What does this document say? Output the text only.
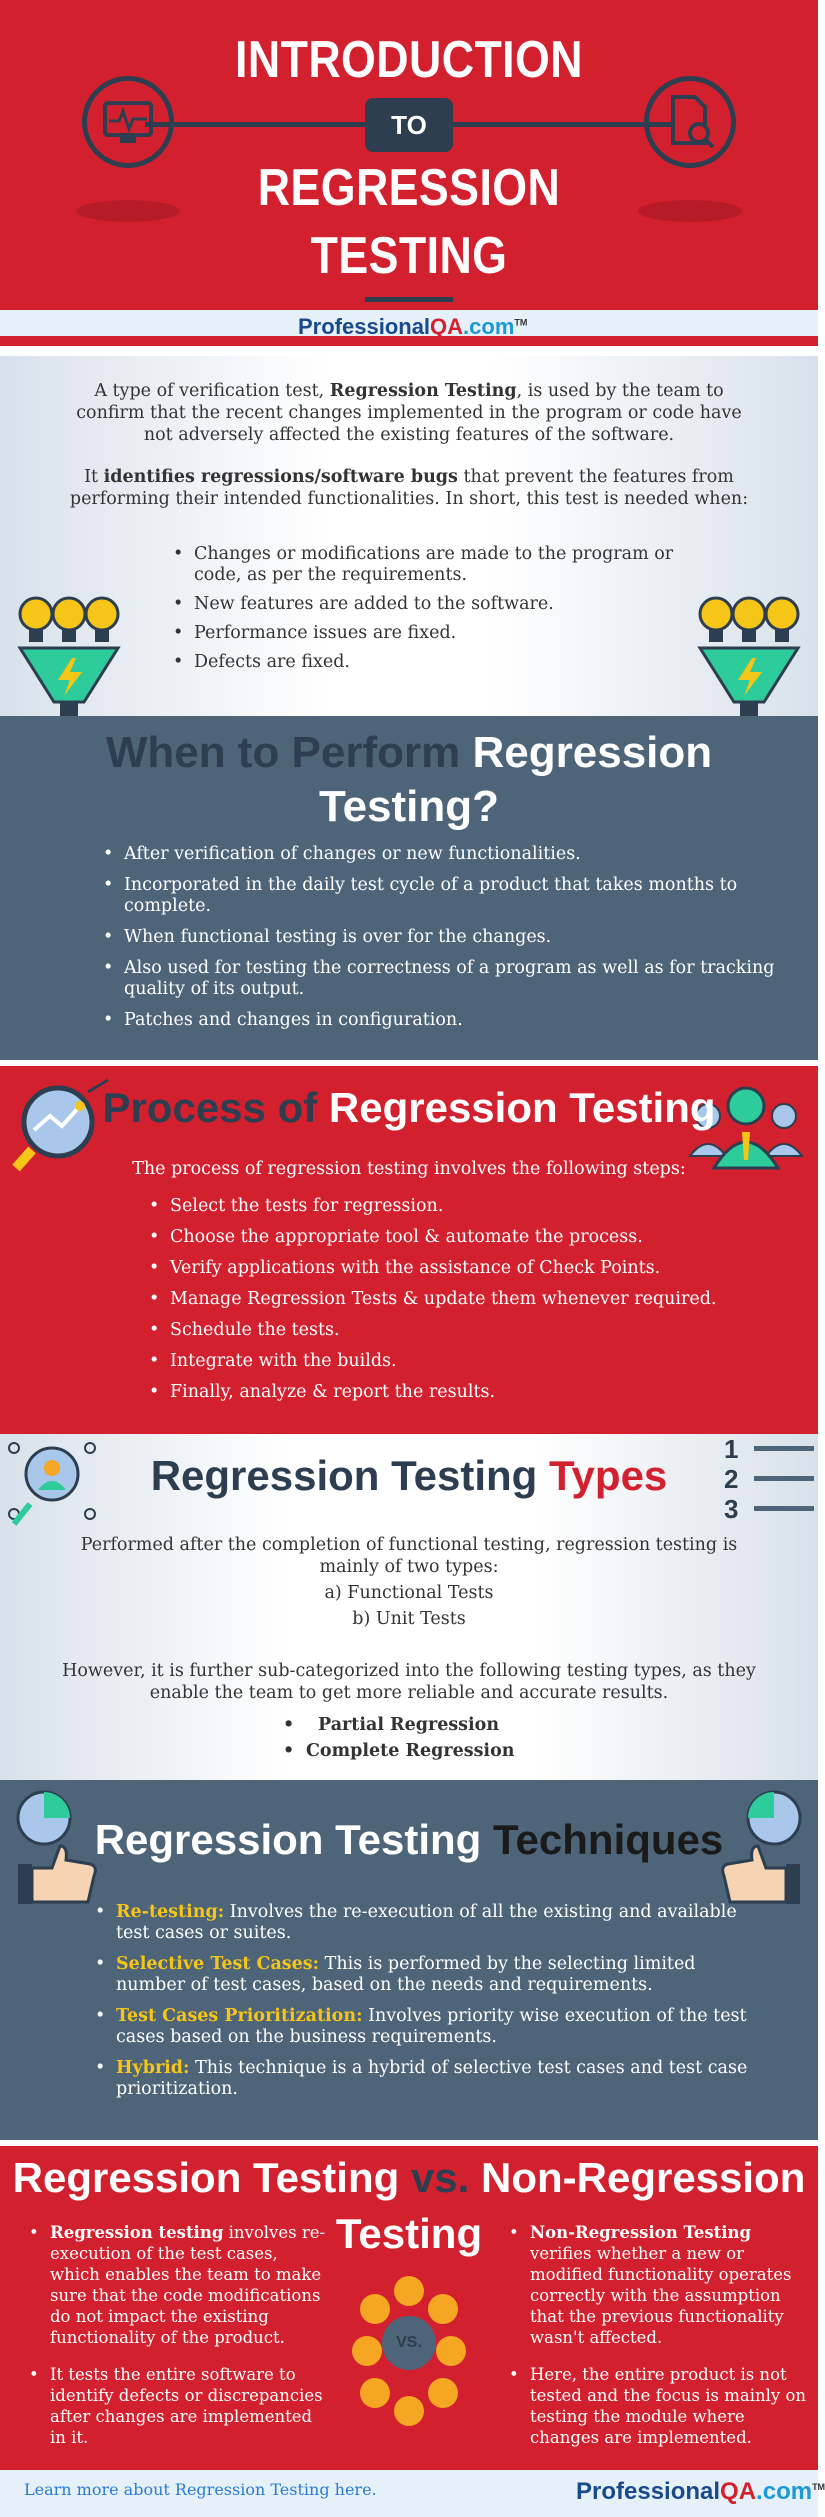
INTRODUCTION
TO
REGRESSION
TESTING
ProfessionalQA.com™

A type of verification test, Regression Testing, is used by the team to confirm that the recent changes implemented in the program or code have not adversely affected the existing features of the software.

It identifies regressions/software bugs that prevent the features from performing their intended functionalities. In short, this test is needed when:

• Changes or modifications are made to the program or code, as per the requirements.
• New features are added to the software.
• Performance issues are fixed.
• Defects are fixed.
When to Perform Regression
Testing?
• After verification of changes or new functionalities.
• Incorporated in the daily test cycle of a product that takes months to complete.
• When functional testing is over for the changes.
• Also used for testing the correctness of a program as well as for tracking quality of its output.
• Patches and changes in configuration.
Process of Regression Testing
The process of regression testing involves the following steps:
• Select the tests for regression.
• Choose the appropriate tool & automate the process.
• Verify applications with the assistance of Check Points.
• Manage Regression Tests & update them whenever required.
• Schedule the tests.
• Integrate with the builds.
• Finally, analyze & report the results.
1
2
3
Regression Testing Types
Performed after the completion of functional testing, regression testing is mainly of two types:
a) Functional Tests
b) Unit Tests
However, it is further sub-categorized into the following testing types, as they enable the team to get more reliable and accurate results.
• Partial Regression
• Complete Regression
Regression Testing Techniques
• Re-testing: Involves the re-execution of all the existing and available test cases or suites.
• Selective Test Cases: This is performed by the selecting limited number of test cases, based on the needs and requirements.
• Test Cases Prioritization: Involves priority wise execution of the test cases based on the business requirements.
• Hybrid: This technique is a hybrid of selective test cases and test case prioritization.
Regression Testing vs. Non-Regression
Testing
• Regression testing involves re-execution of the test cases, which enables the team to make sure that the code modifications do not impact the existing functionality of the product.
• It tests the entire software to identify defects or discrepancies after changes are implemented in it.
• Non-Regression Testing verifies whether a new or modified functionality operates correctly with the assumption that the previous functionality wasn't affected.
• Here, the entire product is not tested and the focus is mainly on testing the module where changes are implemented.
VS.
Learn more about Regression Testing here.	ProfessionalQA.com™
